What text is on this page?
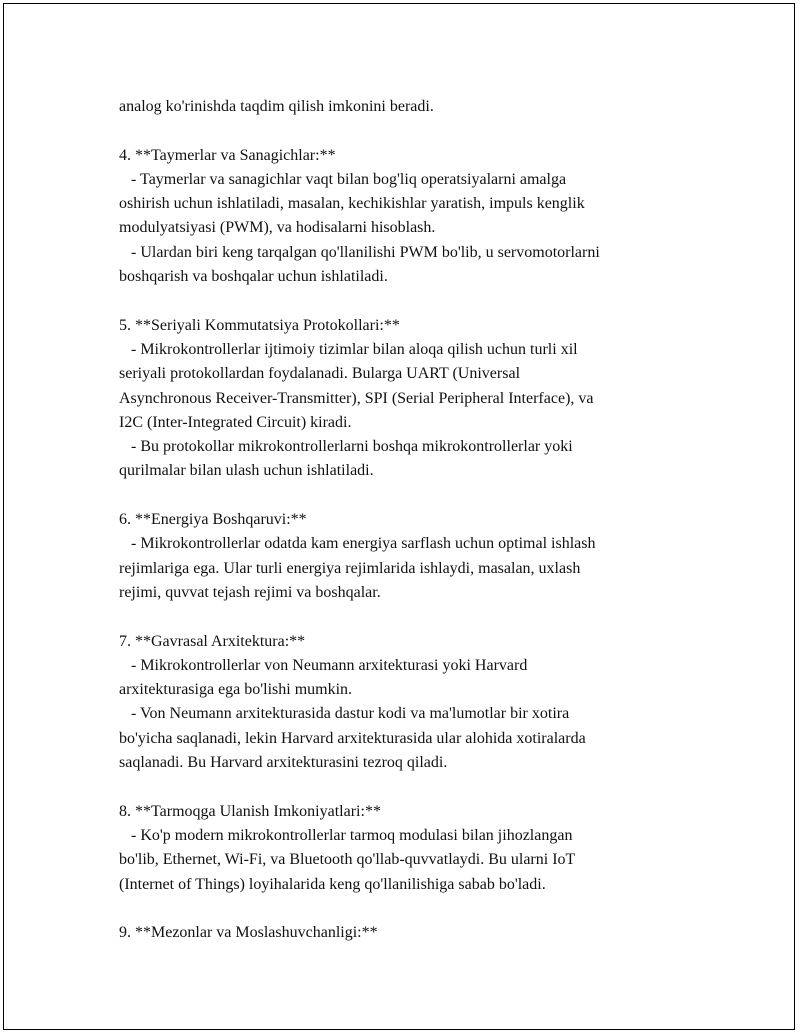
analog ko'rinishda taqdim qilish imkonini beradi.
4. **Taymerlar va Sanagichlar:**
- Taymerlar va sanagichlar vaqt bilan bog'liq operatsiyalarni amalga
oshirish uchun ishlatiladi, masalan, kechikishlar yaratish, impuls kenglik
modulyatsiyasi (PWM), va hodisalarni hisoblash.
- Ulardan biri keng tarqalgan qo'llanilishi PWM bo'lib, u servomotorlarni
boshqarish va boshqalar uchun ishlatiladi.
5. **Seriyali Kommutatsiya Protokollari:**
- Mikrokontrollerlar ijtimoiy tizimlar bilan aloqa qilish uchun turli xil
seriyali protokollardan foydalanadi. Bularga UART (Universal
Asynchronous Receiver-Transmitter), SPI (Serial Peripheral Interface), va
I2C (Inter-Integrated Circuit) kiradi.
- Bu protokollar mikrokontrollerlarni boshqa mikrokontrollerlar yoki
qurilmalar bilan ulash uchun ishlatiladi.
6. **Energiya Boshqaruvi:**
- Mikrokontrollerlar odatda kam energiya sarflash uchun optimal ishlash
rejimlariga ega. Ular turli energiya rejimlarida ishlaydi, masalan, uxlash
rejimi, quvvat tejash rejimi va boshqalar.
7. **Gavrasal Arxitektura:**
- Mikrokontrollerlar von Neumann arxitekturasi yoki Harvard
arxitekturasiga ega bo'lishi mumkin.
- Von Neumann arxitekturasida dastur kodi va ma'lumotlar bir xotira
bo'yicha saqlanadi, lekin Harvard arxitekturasida ular alohida xotiralarda
saqlanadi. Bu Harvard arxitekturasini tezroq qiladi.
8. **Tarmoqga Ulanish Imkoniyatlari:**
- Ko'p modern mikrokontrollerlar tarmoq modulasi bilan jihozlangan
bo'lib, Ethernet, Wi-Fi, va Bluetooth qo'llab-quvvatlaydi. Bu ularni IoT
(Internet of Things) loyihalarida keng qo'llanilishiga sabab bo'ladi.
9. **Mezonlar va Moslashuvchanligi:**
